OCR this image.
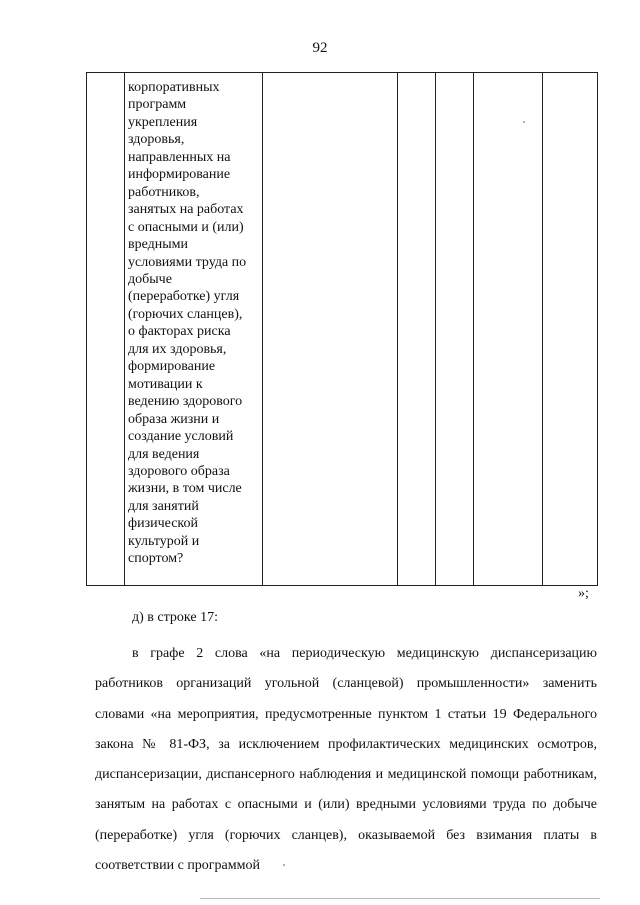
92
корпоративных
программ
укрепления
здоровья,
направленных на
информирование
работников,
занятых на работах
с опасными и (или)
вредными
условиями труда по
добыче
(переработке) угля
(горючих сланцев),
о факторах риска
для их здоровья,
формирование
мотивации к
ведению здорового
образа жизни и
создание условий
для ведения
здорового образа
жизни, в том числе
для занятий
физической
культурой и
спортом?
»;
д) в строке 17:

в графе 2 слова «на периодическую медицинскую диспансеризацию работников организаций угольной (сланцевой) промышленности» заменить словами «на мероприятия, предусмотренные пунктом 1 статьи 19 Федерального закона № 81-ФЗ, за исключением профилактических медицинских осмотров, диспансеризации, диспансерного наблюдения и медицинской помощи работникам, занятым на работах с опасными и (или) вредными условиями труда по добыче (переработке) угля (горючих сланцев), оказываемой без взимания платы в соответствии с программой
